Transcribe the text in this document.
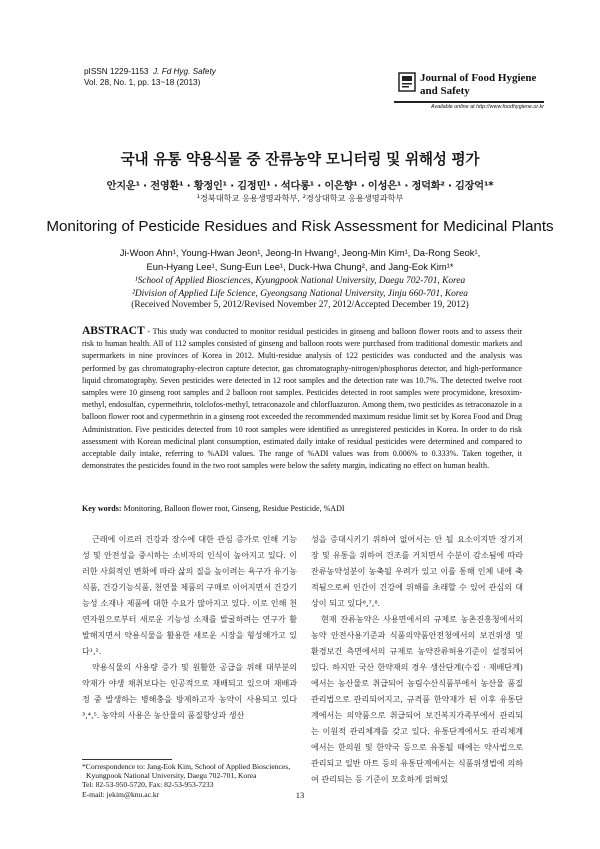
pISSN 1229-1153 J. Fd Hyg. Safety
Vol. 28, No. 1, pp. 13~18 (2013)	Journal of Food Hygiene
and Safety
Available online at http://www.foodhygiene.or.kr
국내 유통 약용식물 중 잔류농약 모니터링 및 위해성 평가
안지운¹ · 전영환¹ · 황정인¹ · 김정민¹ · 석다롱¹ · 이은향¹ · 이성은¹ · 정덕화² · 김장억¹*
¹경북대학교 응용생명과학부, ²경상대학교 응용생명과학부
Monitoring of Pesticide Residues and Risk Assessment for Medicinal Plants
Ji-Woon Ahn¹, Young-Hwan Jeon¹, Jeong-In Hwang¹, Jeong-Min Kim¹, Da-Rong Seok¹,
Eun-Hyang Lee¹, Sung-Eun Lee¹, Duck-Hwa Chung², and Jang-Eok Kim¹*
¹School of Applied Biosciences, Kyungpook National University, Daegu 702-701, Korea
²Division of Applied Life Science, Gyeongsang National University, Jinju 660-701, Korea
(Received November 5, 2012/Revised November 27, 2012/Accepted December 19, 2012)
ABSTRACT - This study was conducted to monitor residual pesticides in ginseng and balloon flower roots and to assess their risk to human health. All of 112 samples consisted of ginseng and balloon roots were purchased from traditional domestic markets and supermarkets in nine provinces of Korea in 2012. Multi-residue analysis of 122 pesticides was conducted and the analysis was performed by gas chromatography-electron capture detector, gas chromatography-nitrogen/phosphorus detector, and high-performance liquid chromatography. Seven pesticides were detected in 12 root samples and the detection rate was 10.7%. The detected twelve root samples were 10 ginseng root samples and 2 balloon root samples. Pesticides detected in root samples were procymidone, kresoxim-methyl, endosulfan, cypermethrin, tolclofos-methyl, tetraconazole and chlorfluazuron. Among them, two pesticides as tetraconazole in a balloon flower root and cypermethrin in a ginseng root exceeded the recommended maximum residue limit set by Korea Food and Drug Administration. Five pesticides detected from 10 root samples were identified as unregistered pesticides in Korea. In order to do risk assessment with Korean medicinal plant consumption, estimated daily intake of residual pesticides were determined and compared to acceptable daily intake, referring to %ADI values. The range of %ADI values was from 0.006% to 0.333%. Taken together, it demonstrates the pesticides found in the two root samples were below the safety margin, indicating no effect on human health.
Key words: Monitoring, Balloon flower root, Ginseng, Residue Pesticide, %ADI

근래에 이르러 건강과 장수에 대한 관심 증가로 인해 기능성 및 안전성을 중시하는 소비자의 인식이 높아지고 있다. 이러한 사회적인 변화에 따라 삶의 질을 높이려는 욕구가 유기농식품, 건강기능식품, 천연물 제품의 구매로 이어지면서 건강기능성 소재나 제품에 대한 수요가 많아지고 있다. 이로 인해 천연자원으로부터 새로운 기능성 소재를 발굴하려는 연구가 활발해지면서 약용식물을 활용한 새로운 시장을 형성해가고 있다¹,².

약용식물의 사용량 증가 및 원활한 공급을 위해 대부분의 약재가 야생 채취보다는 인공적으로 재배되고 있으며 재배과정 중 발생하는 병해충을 방제하고자 농약이 사용되고 있다³,⁴,⁵. 농약의 사용은 농산물의 품질향상과 생산

성을 증대시키기 위하여 없어서는 안 될 요소이지만 장기저장 및 유통을 위하여 건조를 거치면서 수분이 감소됨에 따라 잔류농약성분이 농축될 우려가 있고 이를 통해 인체 내에 축적됨으로써 인간이 건강에 위해를 초래할 수 있어 관심의 대상이 되고 있다⁶,⁷,⁸.

현재 잔류농약은 사용면에서의 규제로 농촌진흥청에서의 농약 안전사용기준과 식품의약품안전청에서의 보건위생 및 환경보건 측면에서의 규제로 농약잔류허용기준이 설정되어 있다. 하지만 국산 한약재의 경우 생산단계(수집 · 재배단계)에서는 농산물로 취급되어 농림수산식품부에서 농산물 품질관리법으로 관리되어지고, 규격품 한약재가 된 이후 유통단계에서는 의약품으로 취급되어 보건복지가족부에서 관리되는 이원적 관리체계를 갖고 있다. 유통단계에서도 관리체계에서는 한의원 및 한약국 등으로 유통될 때에는 약사법으로 관리되고 일반 마트 등의 유통단계에서는 식품위생법에 의하여 관리되는 등 기준이 모호하게 얽혀있

*Correspondence to: Jang-Eok Kim, School of Applied Biosciences,
Kyungpook National University, Daegu 702-701, Korea
Tel: 82-53-950-5720, Fax: 82-53-953-7233
E-mail: jekim@knu.ac.kr	13
